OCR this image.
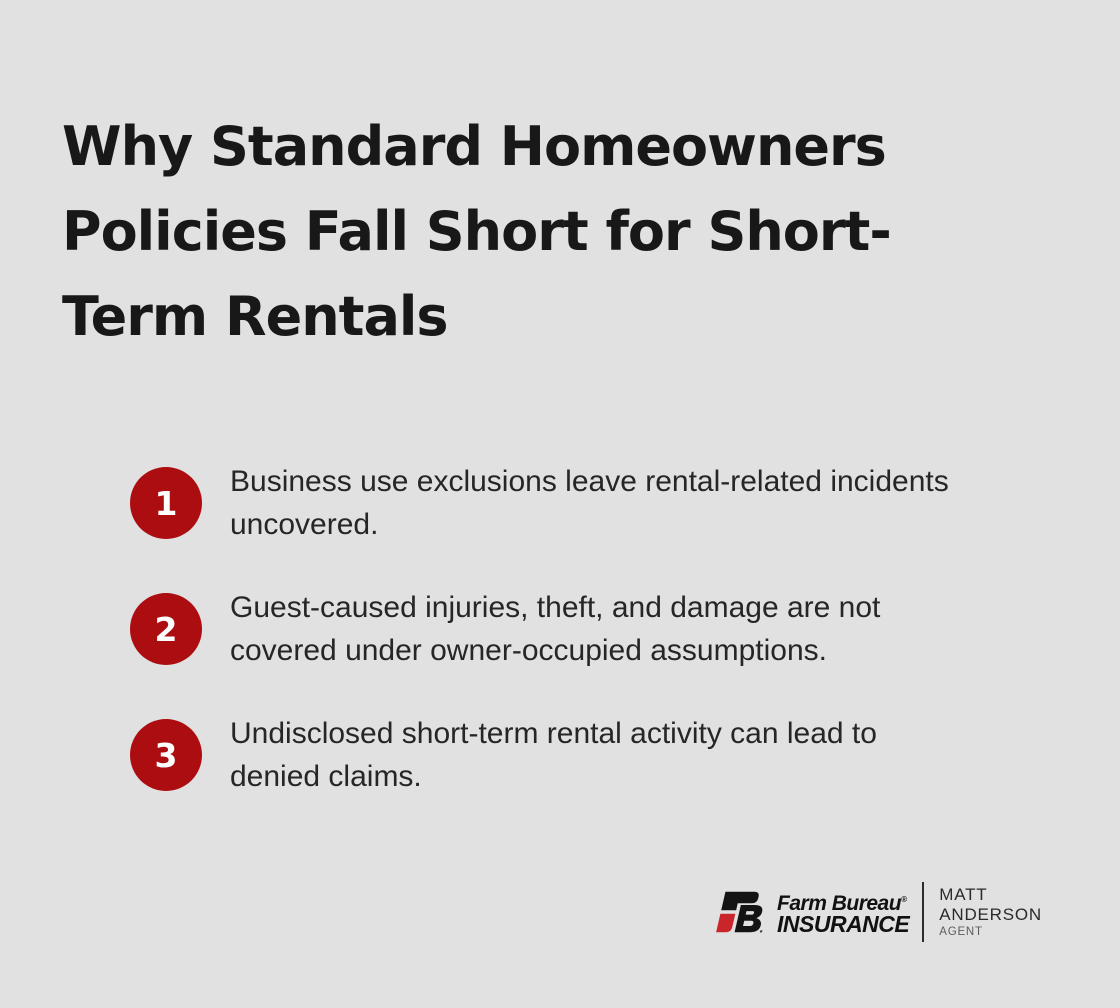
Why Standard Homeowners
Policies Fall Short for Short-
Term Rentals
1
Business use exclusions leave rental-related incidents
uncovered.
2
Guest-caused injuries, theft, and damage are not
covered under owner-occupied assumptions.
3
Undisclosed short-term rental activity can lead to
denied claims.
Farm Bureau®
INSURANCE
MATT
ANDERSON
AGENT
